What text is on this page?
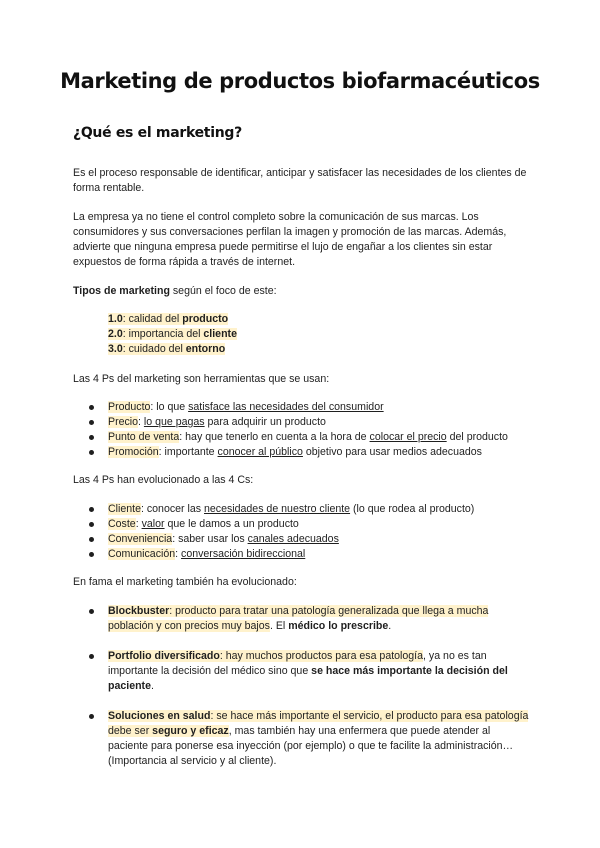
Marketing de productos biofarmacéuticos
¿Qué es el marketing?
Es el proceso responsable de identificar, anticipar y satisfacer las necesidades de los clientes de forma rentable.
La empresa ya no tiene el control completo sobre la comunicación de sus marcas. Los consumidores y sus conversaciones perfilan la imagen y promoción de las marcas. Además, advierte que ninguna empresa puede permitirse el lujo de engañar a los clientes sin estar expuestos de forma rápida a través de internet.
Tipos de marketing según el foco de este:
1.0: calidad del producto
2.0: importancia del cliente
3.0: cuidado del entorno
Las 4 Ps del marketing son herramientas que se usan:
Producto: lo que satisface las necesidades del consumidor
Precio: lo que pagas para adquirir un producto
Punto de venta: hay que tenerlo en cuenta a la hora de colocar el precio del producto
Promoción: importante conocer al público objetivo para usar medios adecuados
Las 4 Ps han evolucionado a las 4 Cs:
Cliente: conocer las necesidades de nuestro cliente (lo que rodea al producto)
Coste: valor que le damos a un producto
Conveniencia: saber usar los canales adecuados
Comunicación: conversación bidireccional
En fama el marketing también ha evolucionado:
Blockbuster: producto para tratar una patología generalizada que llega a mucha población y con precios muy bajos. El médico lo prescribe.
Portfolio diversificado: hay muchos productos para esa patología, ya no es tan importante la decisión del médico sino que se hace más importante la decisión del paciente.
Soluciones en salud: se hace más importante el servicio, el producto para esa patología debe ser seguro y eficaz, mas también hay una enfermera que puede atender al paciente para ponerse esa inyección (por ejemplo) o que te facilite la administración… (Importancia al servicio y al cliente).
